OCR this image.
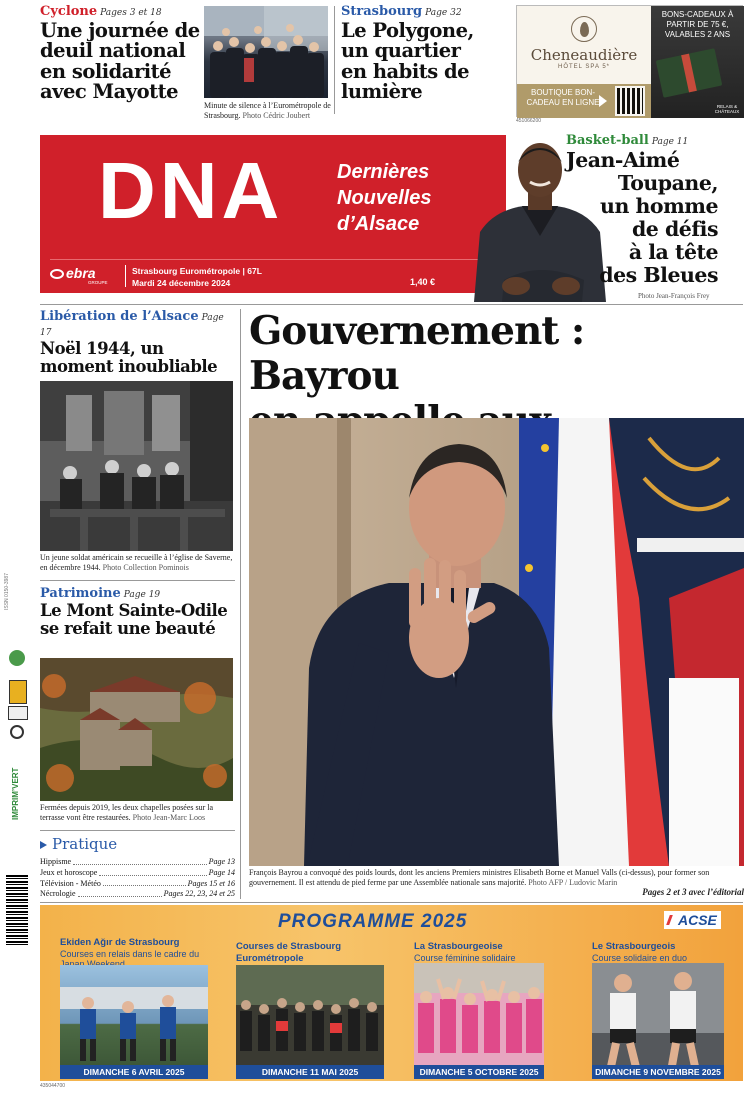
Cyclone Pages 3 et 18
Une journée de deuil national en solidarité avec Mayotte
Minute de silence à l’Eurométropole de Strasbourg. Photo Cédric Joubert
Strasbourg Page 32
Le Polygone, un quartier en habits de lumière
Cheneaudière
HÔTEL SPA 5*
BOUTIQUE BON-CADEAU EN LIGNE
BONS-CADEAUX À PARTIR DE 75 €, VALABLES 2 ANS
RELAIS & CHÂTEAUX
451066200
DNA	Dernières
Nouvelles
d’Alsace
ebra
GROUPE
Strasbourg Eurométropole | 67L
Mardi 24 décembre 2024	1,40 €
Basket-ball Page 11
Jean-Aimé
Toupane,
un homme
de défis
à la tête
des Bleues
Photo Jean-François Frey
Libération de l’Alsace Page 17
Noël 1944, un moment inoubliable
Un jeune soldat américain se recueille à l’église de Saverne, en décembre 1944. Photo Collection Pominois
Patrimoine Page 19
Le Mont Sainte-Odile se refait une beauté
Fermées depuis 2019, les deux chapelles posées sur la terrasse vont être restaurées. Photo Jean-Marc Loos
Pratique
Hippisme	Page 13
Jeux et horoscope	Page 14
Télévision - Météo	Pages 15 et 16
Nécrologie	Pages 22, 23, 24 et 25
Gouvernement : Bayrou
François Bayrou a convoqué des poids lourds, dont les anciens Premiers ministres Elisabeth Borne et Manuel Valls (ci-dessus), pour former son gouvernement. Il est attendu de pied ferme par une Assemblée nationale sans majorité. Photo AFP / Ludovic Marin
Pages 2 et 3 avec l’éditorial
ISSN 0150-3987
IMPRIM’VERT
PROGRAMME 2025	ACSE
Ekiden Ağır de Strasbourg
Courses en relais dans le cadre du
DIMANCHE 6 AVRIL 2025
Courses de Strasbourg Eurométropole

DIMANCHE 11 MAI 2025
La Strasbourgeoise
Course féminine solidaire
DIMANCHE 5 OCTOBRE 2025
Le Strasbourgeois
Course solidaire en duo
DIMANCHE 9 NOVEMBRE 2025
435044700
